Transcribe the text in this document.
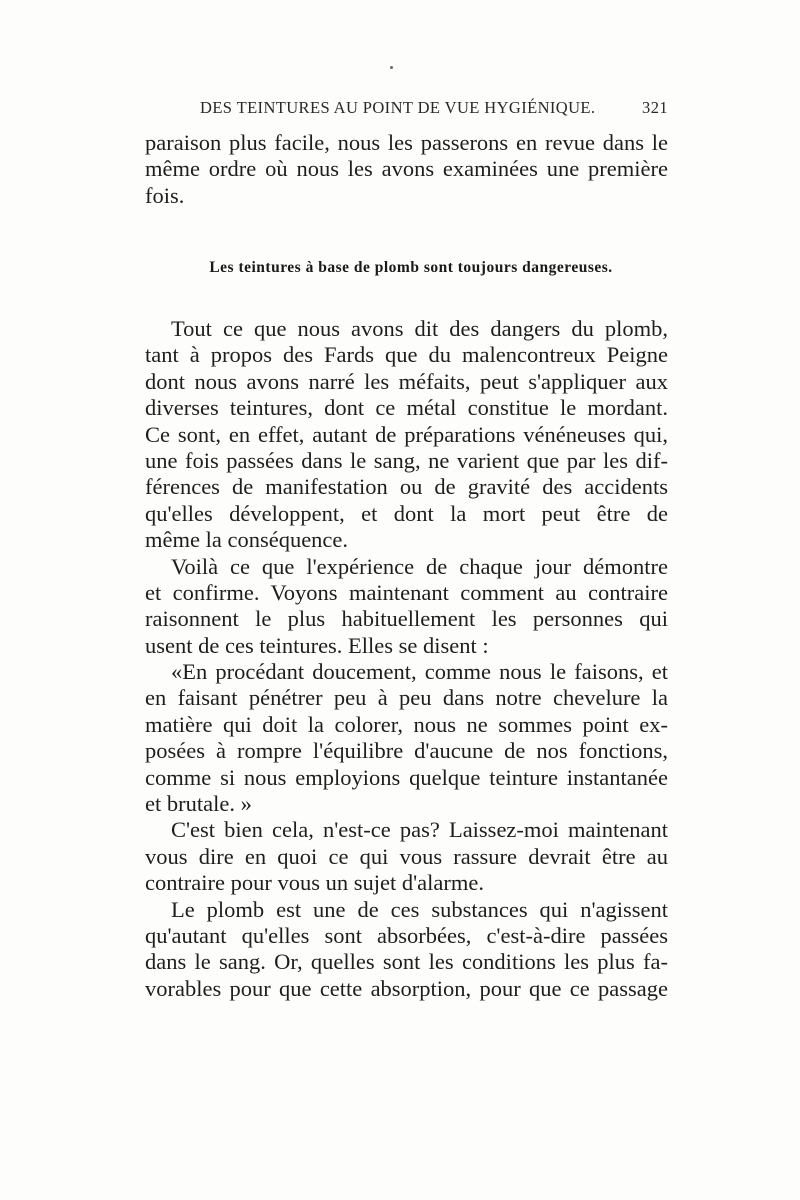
DES TEINTURES AU POINT DE VUE HYGIÉNIQUE.	321
paraison plus facile, nous les passerons en revue dans le
même ordre où nous les avons examinées une première
fois.
Les teintures à base de plomb sont toujours dangereuses.
Tout ce que nous avons dit des dangers du plomb,
tant à propos des Fards que du malencontreux Peigne
dont nous avons narré les méfaits, peut s'appliquer aux
diverses teintures, dont ce métal constitue le mordant.
Ce sont, en effet, autant de préparations vénéneuses qui,
une fois passées dans le sang, ne varient que par les dif-
férences de manifestation ou de gravité des accidents
qu'elles développent, et dont la mort peut être de
même la conséquence.
Voilà ce que l'expérience de chaque jour démontre
et confirme. Voyons maintenant comment au contraire
raisonnent le plus habituellement les personnes qui
usent de ces teintures. Elles se disent :
«En procédant doucement, comme nous le faisons, et
en faisant pénétrer peu à peu dans notre chevelure la
matière qui doit la colorer, nous ne sommes point ex-
posées à rompre l'équilibre d'aucune de nos fonctions,
comme si nous employions quelque teinture instantanée
et brutale. »
C'est bien cela, n'est-ce pas? Laissez-moi maintenant
vous dire en quoi ce qui vous rassure devrait être au
contraire pour vous un sujet d'alarme.
Le plomb est une de ces substances qui n'agissent
qu'autant qu'elles sont absorbées, c'est-à-dire passées
dans le sang. Or, quelles sont les conditions les plus fa-
vorables pour que cette absorption, pour que ce passage
